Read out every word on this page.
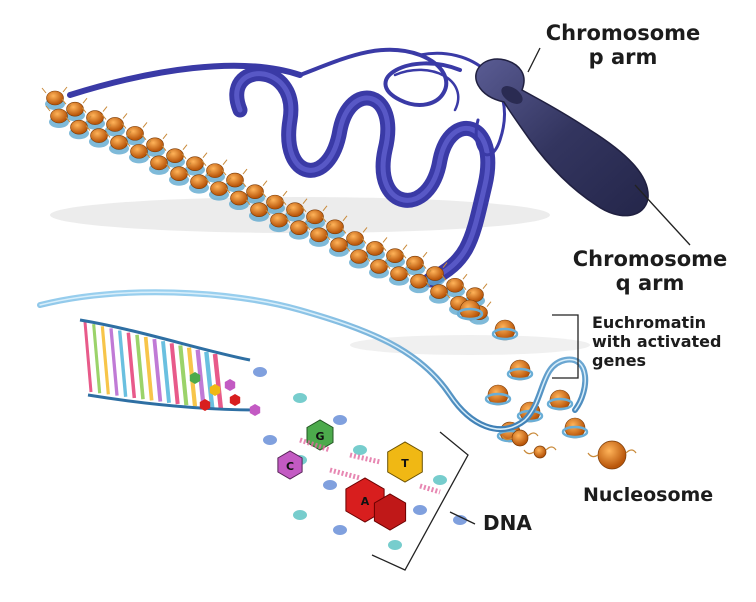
G
C	T
A
Chromosome
p arm
Chromosome
q arm
Euchromatin
with activated
genes
Nucleosome
DNA
